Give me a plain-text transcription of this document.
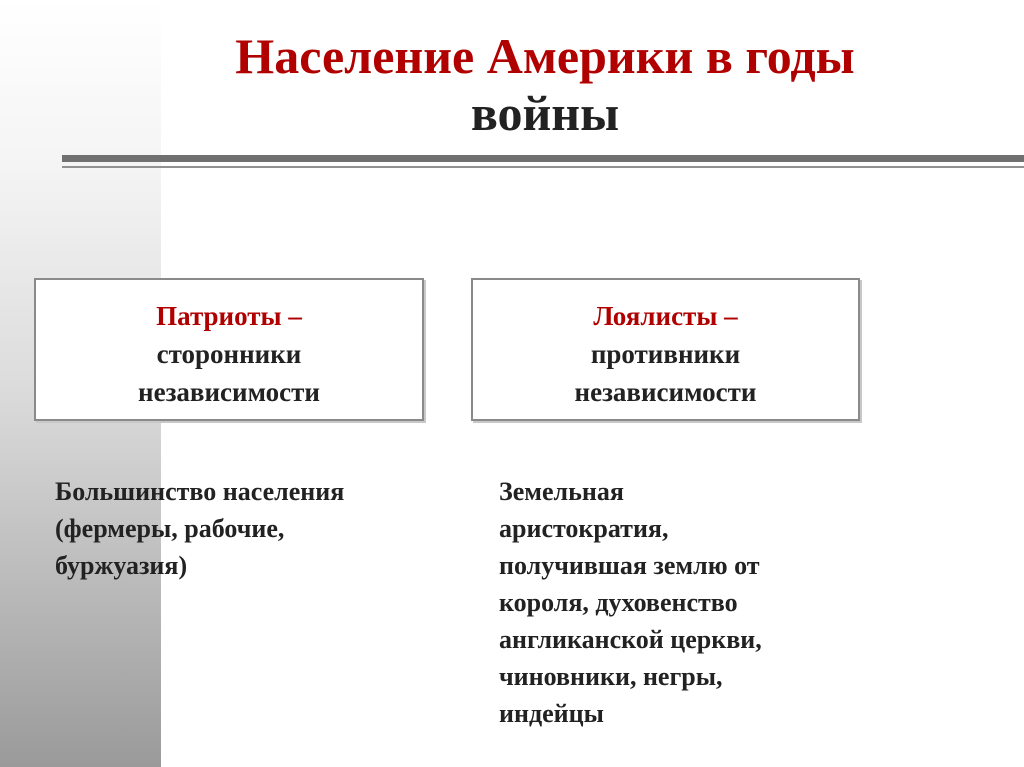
Население Америки в годы
войны
Патриоты –
сторонники
независимости
Лоялисты –
противники
независимости
Большинство населения
(фермеры, рабочие,
буржуазия)
Земельная
аристократия,
получившая землю от
короля, духовенство
англиканской церкви,
чиновники, негры,
индейцы
